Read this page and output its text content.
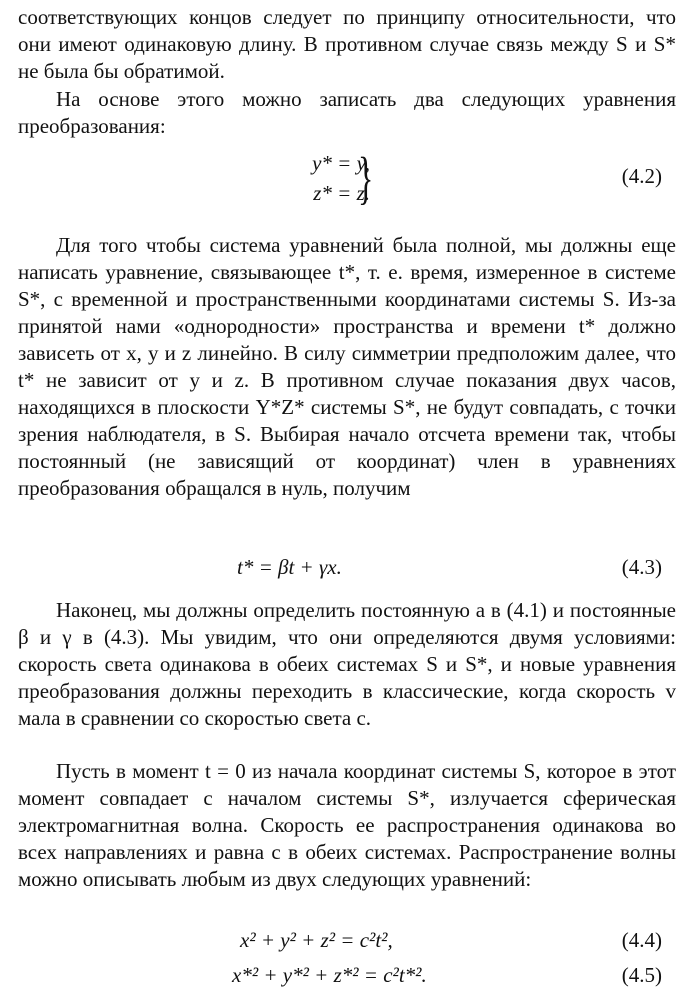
соответствующих концов следует по принципу относительности, что они имеют одинаковую длину. В противном случае связь между S и S* не была бы обратимой.

На основе этого можно записать два следующих уравнения преобразования:

y* = y,
z* = z.
}	(4.2)

Для того чтобы система уравнений была полной, мы должны еще написать уравнение, связывающее t*, т. е. время, измеренное в системе S*, с временной и пространственными координатами системы S. Из-за принятой нами «однородности» пространства и времени t* должно зависеть от x, y и z линейно. В силу симметрии предположим далее, что t* не зависит от y и z. В противном случае показания двух часов, находящихся в плоскости Y*Z* системы S*, не будут совпадать, с точки зрения наблюдателя, в S. Выбирая начало отсчета времени так, чтобы постоянный (не зависящий от координат) член в уравнениях преобразования обращался в нуль, получим

t* = βt + γx.	(4.3)

Наконец, мы должны определить постоянную a в (4.1) и постоянные β и γ в (4.3). Мы увидим, что они определяются двумя условиями: скорость света одинакова в обеих системах S и S*, и новые уравнения преобразования должны переходить в классические, когда скорость v мала в сравнении со скоростью света c.

Пусть в момент t = 0 из начала координат системы S, которое в этот момент совпадает с началом системы S*, излучается сферическая электромагнитная волна. Скорость ее распространения одинакова во всех направлениях и равна c в обеих системах. Распространение волны можно описывать любым из двух следующих уравнений:

x² + y² + z² = c²t²,	(4.4)
x*² + y*² + z*² = c²t*².	(4.5)
